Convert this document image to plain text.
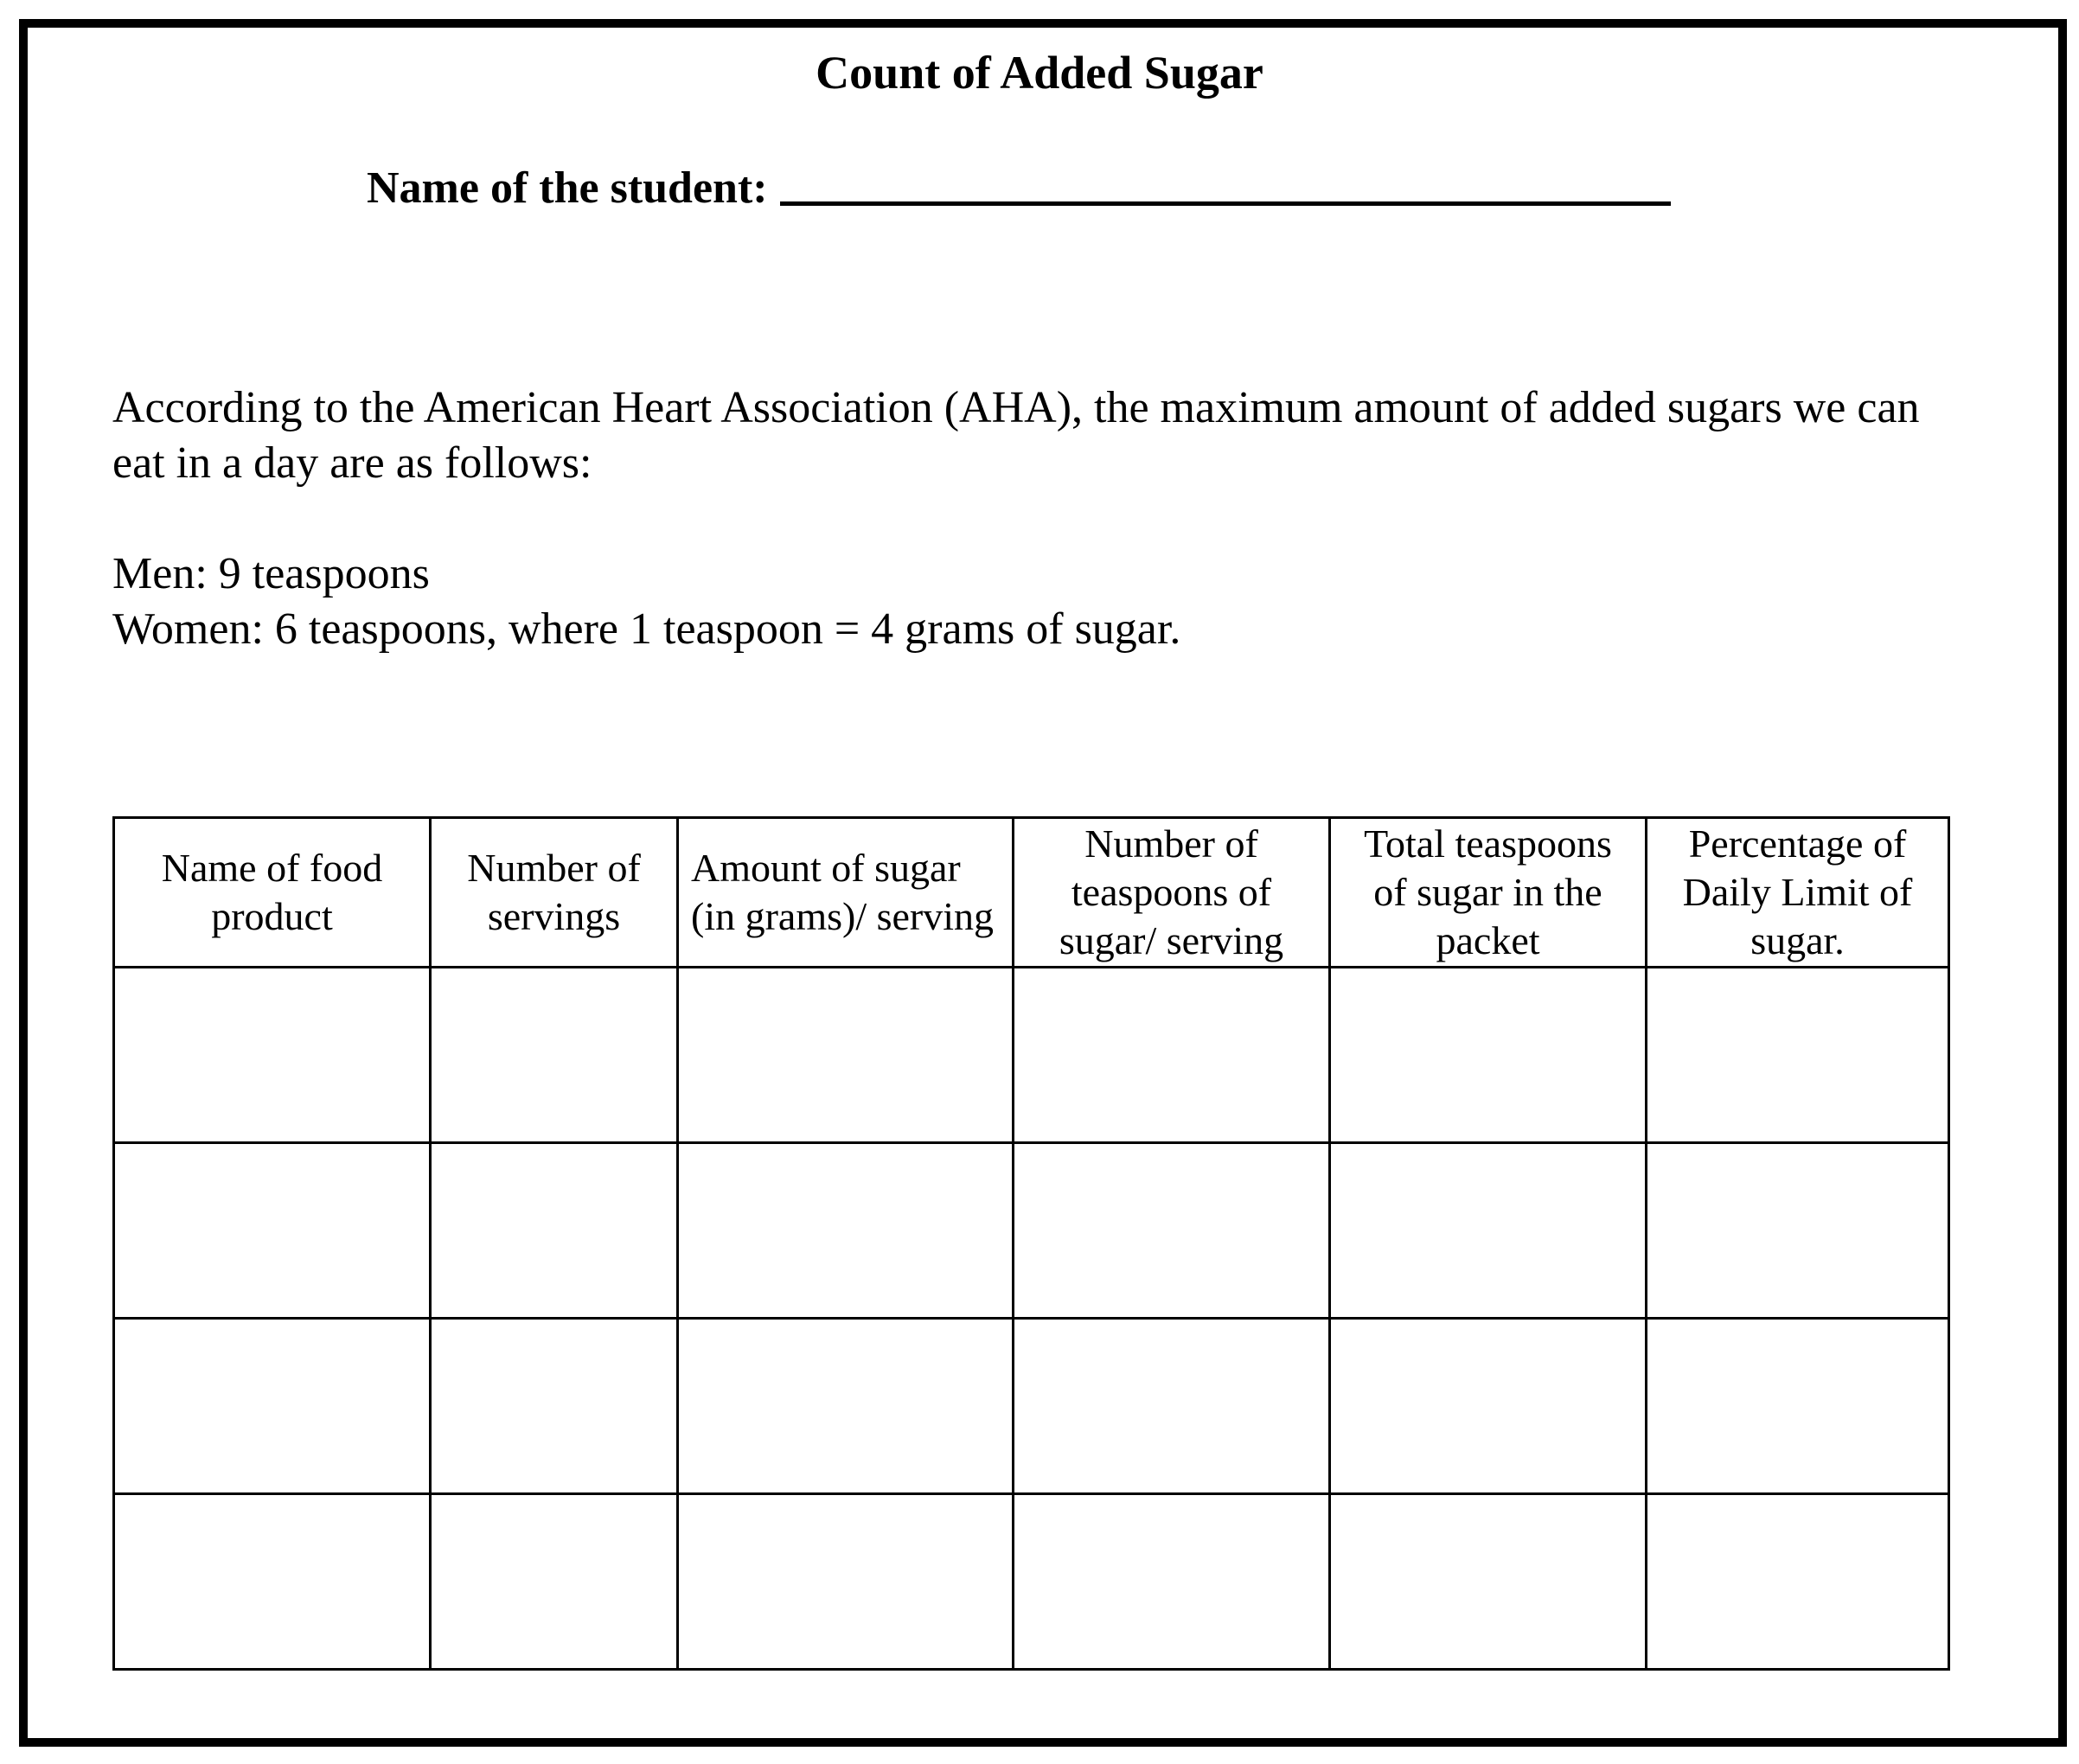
Count of Added Sugar
Name of the student:
According to the American Heart Association (AHA), the maximum amount of added sugars we can eat in a day are as follows:
Men: 9 teaspoons
Women: 6 teaspoons, where 1 teaspoon = 4 grams of sugar.
Name of food product	Number of servings	Amount of sugar (in grams)/ serving	Number of teaspoons of sugar/ serving	Total teaspoons of sugar in the packet	Percentage of Daily Limit of sugar.
